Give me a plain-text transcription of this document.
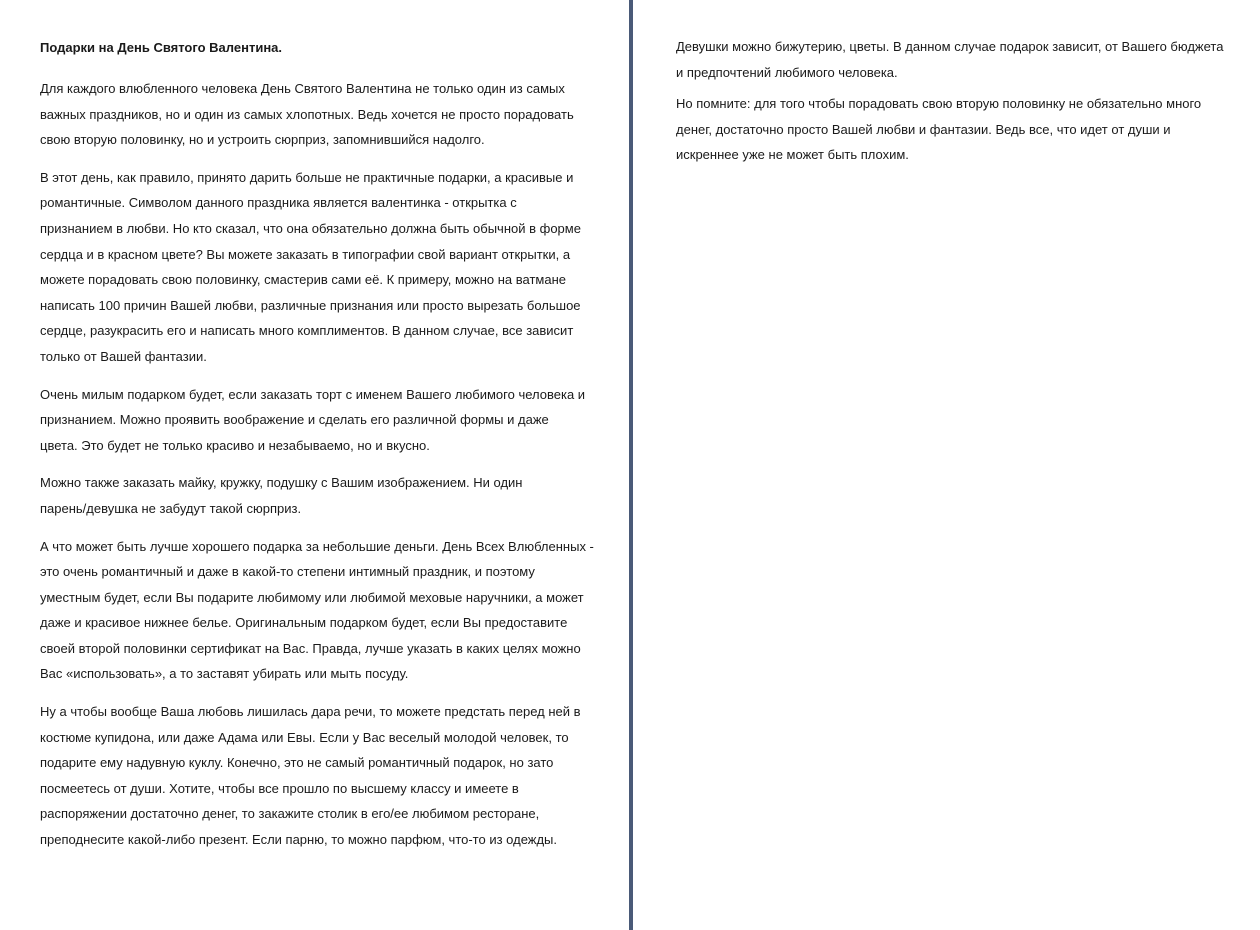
Подарки на День Святого Валентина.

Для каждого влюбленного человека День Святого Валентина не только один из самых
важных праздников, но и один из самых хлопотных. Ведь хочется не просто порадовать
свою вторую половинку, но и устроить сюрприз, запомнившийся надолго.

В этот день, как правило, принято дарить больше не практичные подарки, а красивые и
романтичные. Символом данного праздника является валентинка - открытка с
признанием в любви. Но кто сказал, что она обязательно должна быть обычной в форме
сердца и в красном цвете? Вы можете заказать в типографии свой вариант открытки, а
можете порадовать свою половинку, смастерив сами её. К примеру, можно на ватмане
написать 100 причин Вашей любви, различные признания или просто вырезать большое
сердце, разукрасить его и написать много комплиментов. В данном случае, все зависит
только от Вашей фантазии.

Очень милым подарком будет, если заказать торт с именем Вашего любимого человека и
признанием. Можно проявить воображение и сделать его различной формы и даже
цвета. Это будет не только красиво и незабываемо, но и вкусно.

Можно также заказать майку, кружку, подушку с Вашим изображением. Ни один
парень/девушка не забудут такой сюрприз.

А что может быть лучше хорошего подарка за небольшие деньги. День Всех Влюбленных -
это очень романтичный и даже в какой-то степени интимный праздник, и поэтому
уместным будет, если Вы подарите любимому или любимой меховые наручники, а может
даже и красивое нижнее белье. Оригинальным подарком будет, если Вы предоставите
своей второй половинки сертификат на Вас. Правда, лучше указать в каких целях можно
Вас «использовать», а то заставят убирать или мыть посуду.

Ну а чтобы вообще Ваша любовь лишилась дара речи, то можете предстать перед ней в
костюме купидона, или даже Адама или Евы. Если у Вас веселый молодой человек, то
подарите ему надувную куклу. Конечно, это не самый романтичный подарок, но зато
посмеетесь от души. Хотите, чтобы все прошло по высшему классу и имеете в
распоряжении достаточно денег, то закажите столик в его/ее любимом ресторане,
преподнесите какой-либо презент. Если парню, то можно парфюм, что-то из одежды.

Девушки можно бижутерию, цветы. В данном случае подарок зависит, от Вашего бюджета
и предпочтений любимого человека.

Но помните: для того чтобы порадовать свою вторую половинку не обязательно много
денег, достаточно просто Вашей любви и фантазии. Ведь все, что идет от души и
искреннее уже не может быть плохим.
